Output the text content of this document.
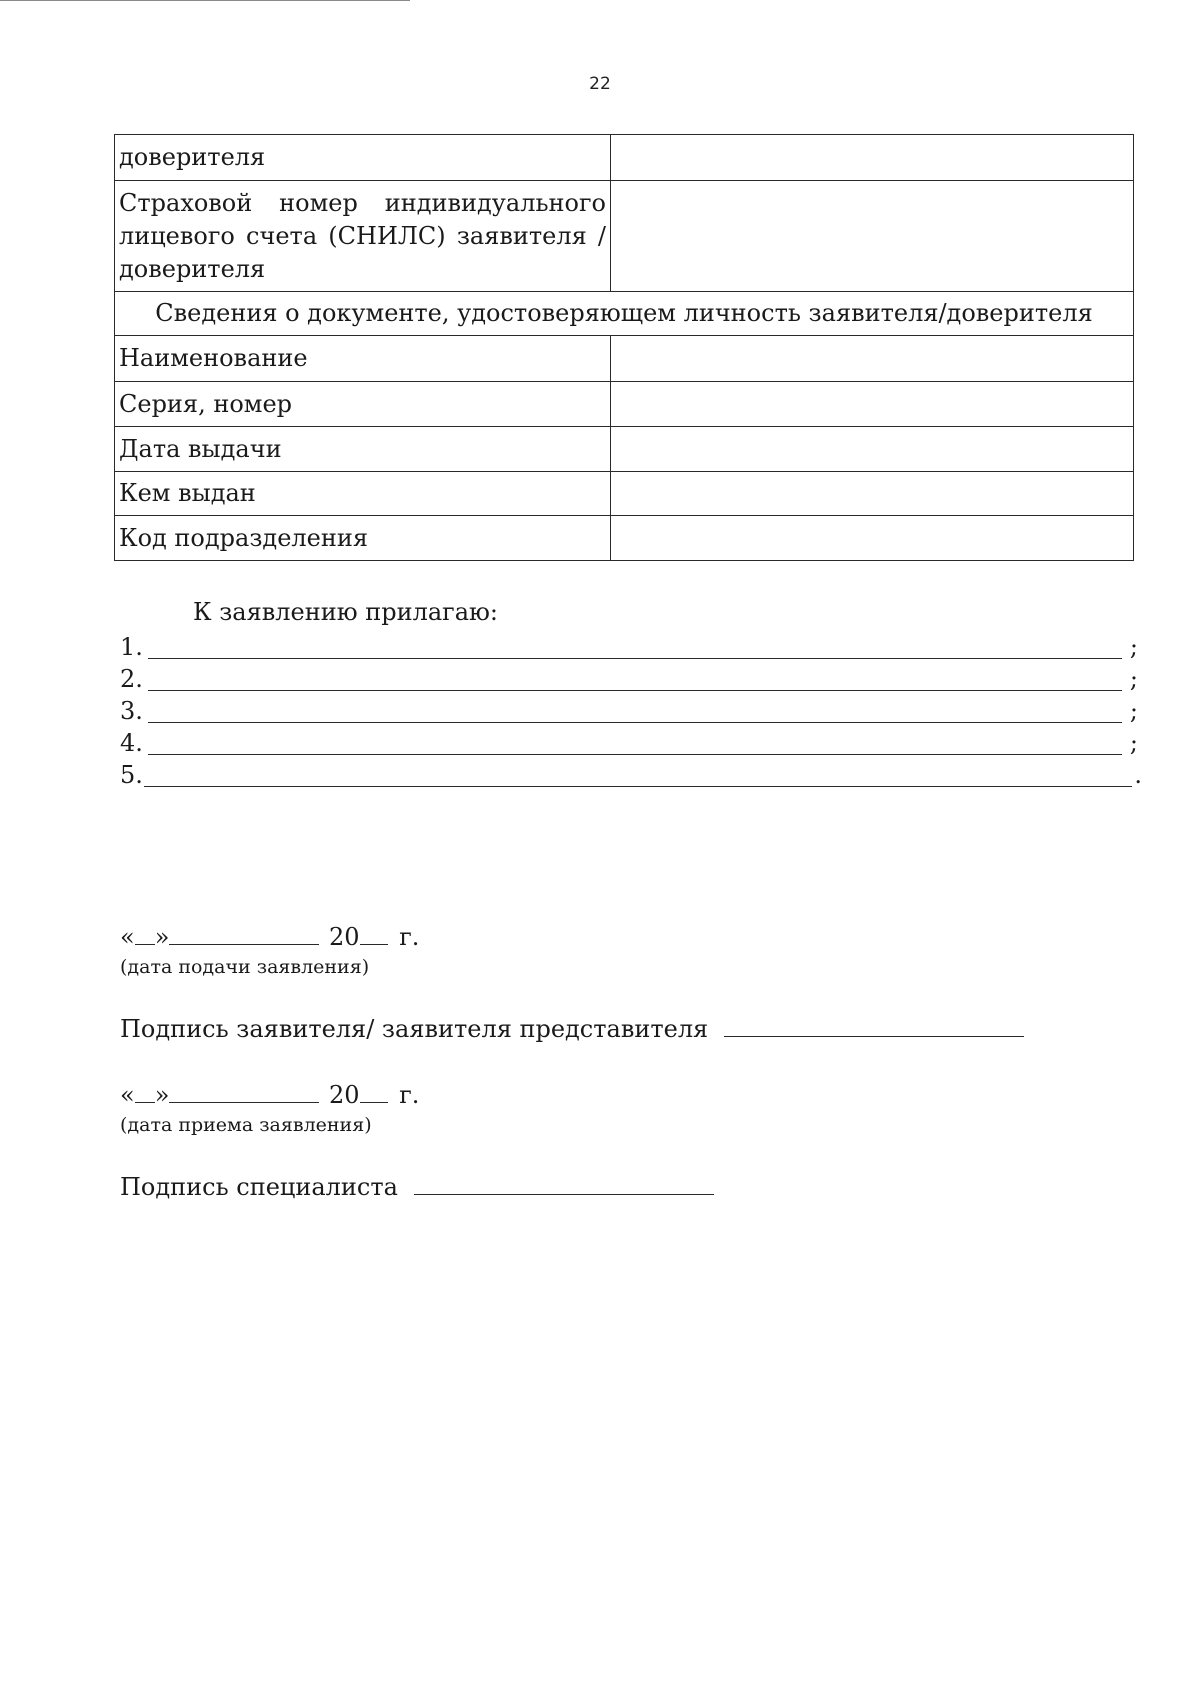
22
доверителя	
Страховой номер индивидуального лицевого счета (СНИЛС) заявителя / доверителя	
Сведения о документе, удостоверяющем личность заявителя/доверителя	
Наименование	
Серия, номер	
Дата выдачи	
Кем выдан	
Код подразделения	
К заявлению прилагаю:
1.	;
2.	;
3.	;
4.	;
5.	.
« »	20 г.
(дата подачи заявления)
Подпись заявителя/ заявителя представителя
« »	20 г.
(дата приема заявления)
Подпись специалиста
